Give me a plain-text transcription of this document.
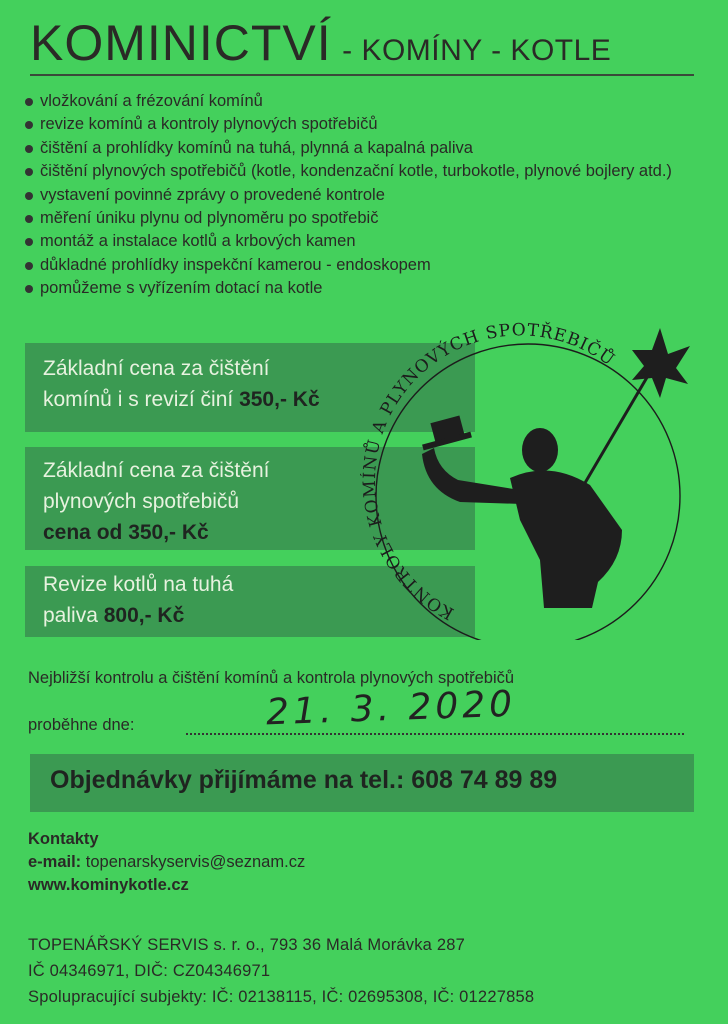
KOMINICTVÍ - KOMÍNY - KOTLE
vložkování a frézování komínů
revize komínů a kontroly plynových spotřebičů
čištění a prohlídky komínů na tuhá, plynná a kapalná paliva
čištění plynových spotřebičů (kotle, kondenzační kotle, turbokotle, plynové bojlery atd.)
vystavení povinné zprávy o provedené kontrole
měření úniku plynu od plynoměru po spotřebič
montáž a instalace kotlů a krbových kamen
důkladné prohlídky inspekční kamerou - endoskopem
pomůžeme s vyřízením dotací na kotle
Základní cena za čištění
komínů i s revizí činí 350,- Kč
Základní cena za čištění
plynových spotřebičů
cena od 350,- Kč
Revize kotlů na tuhá
paliva 800,- Kč	KONTROLY KOMÍNŮ A PLYNOVÝCH SPOTŘEBIČŮ
Nejbližší kontrolu a čištění komínů a kontrola plynových spotřebičů
proběhne dne:	21. 3. 2020
Objednávky přijímáme na tel.: 608 74 89 89
Kontakty
e-mail: topenarskyservis@seznam.cz
www.kominykotle.cz
TOPENÁŘSKÝ SERVIS s. r. o., 793 36 Malá Morávka 287
IČ 04346971, DIČ: CZ04346971
Spolupracující subjekty: IČ: 02138115, IČ: 02695308, IČ: 01227858
